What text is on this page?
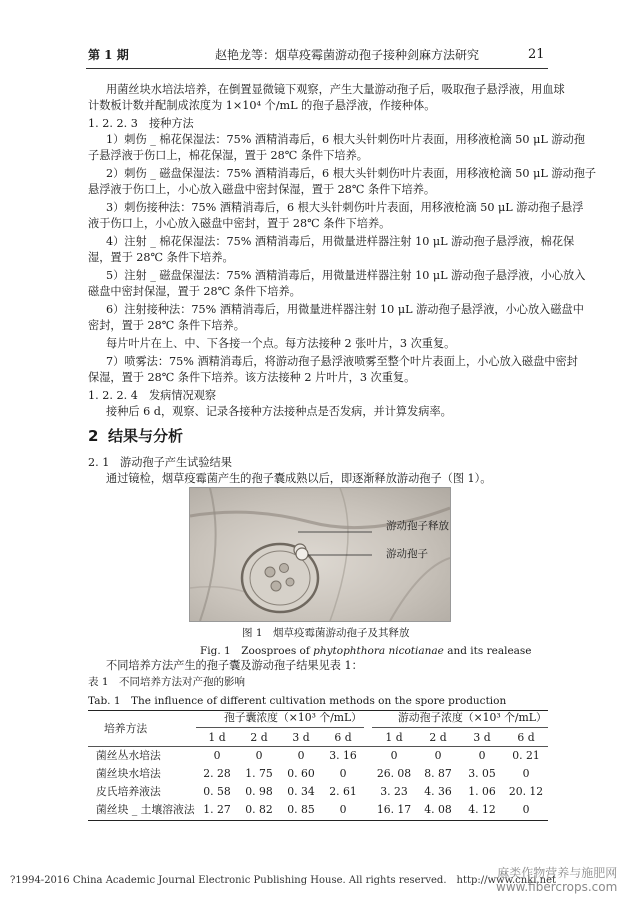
第 1 期	赵艳龙等：烟草疫霉菌游动孢子接种剑麻方法研究	21
用菌丝块水培法培养，在倒置显微镜下观察，产生大量游动孢子后，吸取孢子悬浮液，用血球
计数板计数并配制成浓度为 1×10⁴ 个/mL 的孢子悬浮液，作接种体。
1. 2. 2. 3　接种方法
1）刺伤 _ 棉花保湿法：75% 酒精消毒后，6 根大头针刺伤叶片表面，用移液枪滴 50 μL 游动孢
子悬浮液于伤口上，棉花保湿，置于 28℃ 条件下培养。
2）刺伤 _ 磁盘保湿法：75% 酒精消毒后，6 根大头针刺伤叶片表面，用移液枪滴 50 μL 游动孢子
悬浮液于伤口上，小心放入磁盘中密封保湿，置于 28℃ 条件下培养。
3）刺伤接种法：75% 酒精消毒后，6 根大头针刺伤叶片表面，用移液枪滴 50 μL 游动孢子悬浮
液于伤口上，小心放入磁盘中密封，置于 28℃ 条件下培养。
4）注射 _ 棉花保湿法：75% 酒精消毒后，用微量进样器注射 10 μL 游动孢子悬浮液，棉花保
湿，置于 28℃ 条件下培养。
5）注射 _ 磁盘保湿法：75% 酒精消毒后，用微量进样器注射 10 μL 游动孢子悬浮液，小心放入
磁盘中密封保湿，置于 28℃ 条件下培养。
6）注射接种法：75% 酒精消毒后，用微量进样器注射 10 μL 游动孢子悬浮液，小心放入磁盘中
密封，置于 28℃ 条件下培养。
每片叶片在上、中、下各接一个点。每方法接种 2 张叶片，3 次重复。
7）喷雾法：75% 酒精消毒后，将游动孢子悬浮液喷雾至整个叶片表面上，小心放入磁盘中密封
保湿，置于 28℃ 条件下培养。该方法接种 2 片叶片，3 次重复。
1. 2. 2. 4　发病情况观察
接种后 6 d，观察、记录各接种方法接种点是否发病，并计算发病率。
2 结果与分析
2. 1 游动孢子产生试验结果
通过镜检，烟草疫霉菌产生的孢子囊成熟以后，即逐渐释放游动孢子（图 1）。
游动孢子释放
游动孢子
图 1　烟草疫霉菌游动孢子及其释放
Fig. 1　Zoosproes of phytophthora nicotianae and its realease
不同培养方法产生的孢子囊及游动孢子结果见表 1：
表 1　不同培养方法对产孢的影响
Tab. 1　The influence of different cultivation methods on the spore production
培养方法
孢子囊浓度（×10³ 个/mL）	游动孢子浓度（×10³ 个/mL）
1 d	2 d	3 d	6 d	1 d	2 d	3 d	6 d
菌丝丛水培法	0	0	0	3. 16	0	0	0	0. 21
菌丝块水培法	2. 28	1. 75	0. 60	0	26. 08	8. 87	3. 05	0
皮氏培养液法	0. 58	0. 98	0. 34	2. 61	3. 23	4. 36	1. 06	20. 12
菌丝块 _ 土壤溶液法 1. 27	0. 82	0. 85	0	16. 17	4. 08	4. 12	0
?1994-2016 China Academic Journal Electronic Publishing House. All rights reserved.　http://www.cnki.net
麻类作物营养与施肥网
www.fibercrops.com
